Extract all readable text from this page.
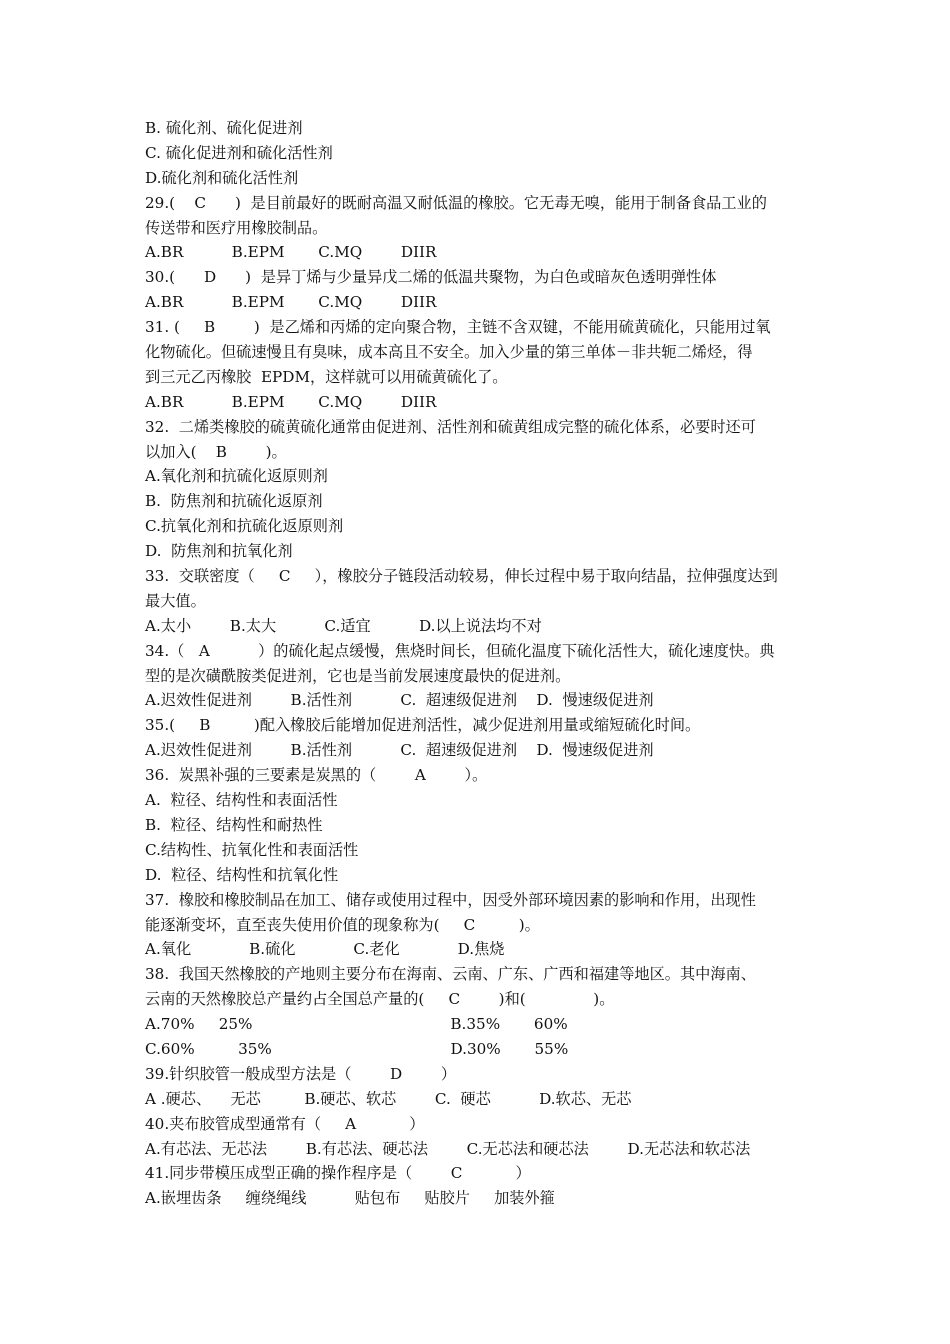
B. 硫化剂、硫化促进剂
C. 硫化促进剂和硫化活性剂
D.硫化剂和硫化活性剂
29.(    C      )  是目前最好的既耐高温又耐低温的橡胶。它无毒无嗅，能用于制备食品工业的
传送带和医疗用橡胶制品。
A.BR          B.EPM       C.MQ        DIIR
30.(      D      )  是异丁烯与少量异戊二烯的低温共聚物，为白色或暗灰色透明弹性体
A.BR          B.EPM       C.MQ        DIIR
31. (     B        )  是乙烯和丙烯的定向聚合物，主链不含双键，不能用硫黄硫化，只能用过氧
化物硫化。但硫速慢且有臭味，成本高且不安全。加入少量的第三单体－非共轭二烯烃，得
到三元乙丙橡胶  EPDM，这样就可以用硫黄硫化了。
A.BR          B.EPM       C.MQ        DIIR
32.  二烯类橡胶的硫黄硫化通常由促进剂、活性剂和硫黄组成完整的硫化体系，必要时还可
以加入(    B        )。
A.氧化剂和抗硫化返原则剂
B.  防焦剂和抗硫化返原剂
C.抗氧化剂和抗硫化返原则剂
D.  防焦剂和抗氧化剂
33.  交联密度（     C     ），橡胶分子链段活动较易，伸长过程中易于取向结晶，拉伸强度达到
最大值。
A.太小        B.太大          C.适宜          D.以上说法均不对
34.（   A          ）的硫化起点缓慢，焦烧时间长，但硫化温度下硫化活性大，硫化速度快。典
型的是次磺酰胺类促进剂，它也是当前发展速度最快的促进剂。
A.迟效性促进剂        B.活性剂          C.  超速级促进剂    D.  慢速级促进剂
35.(     B         )配入橡胶后能增加促进剂活性，减少促进剂用量或缩短硫化时间。
A.迟效性促进剂        B.活性剂          C.  超速级促进剂    D.  慢速级促进剂
36.  炭黑补强的三要素是炭黑的（        A        ）。
A.  粒径、结构性和表面活性
B.  粒径、结构性和耐热性
C.结构性、抗氧化性和表面活性
D.  粒径、结构性和抗氧化性
37.  橡胶和橡胶制品在加工、储存或使用过程中，因受外部环境因素的影响和作用，出现性
能逐渐变坏，直至丧失使用价值的现象称为(     C         )。
A.氧化            B.硫化            C.老化            D.焦烧
38.  我国天然橡胶的产地则主要分布在海南、云南、广东、广西和福建等地区。其中海南、
云南的天然橡胶总产量约占全国总产量的(     C        )和(              )。
A.70%     25%                                         B.35%       60%
C.60%         35%                                     D.30%       55%
39.针织胶管一般成型方法是（        D        ）
A .硬芯、    无芯         B.硬芯、软芯        C.  硬芯          D.软芯、无芯
40.夹布胶管成型通常有（     A           ）
A.有芯法、无芯法        B.有芯法、硬芯法        C.无芯法和硬芯法        D.无芯法和软芯法
41.同步带模压成型正确的操作程序是（        C           ）
A.嵌埋齿条     缠绕绳线          贴包布     贴胶片     加装外箍
